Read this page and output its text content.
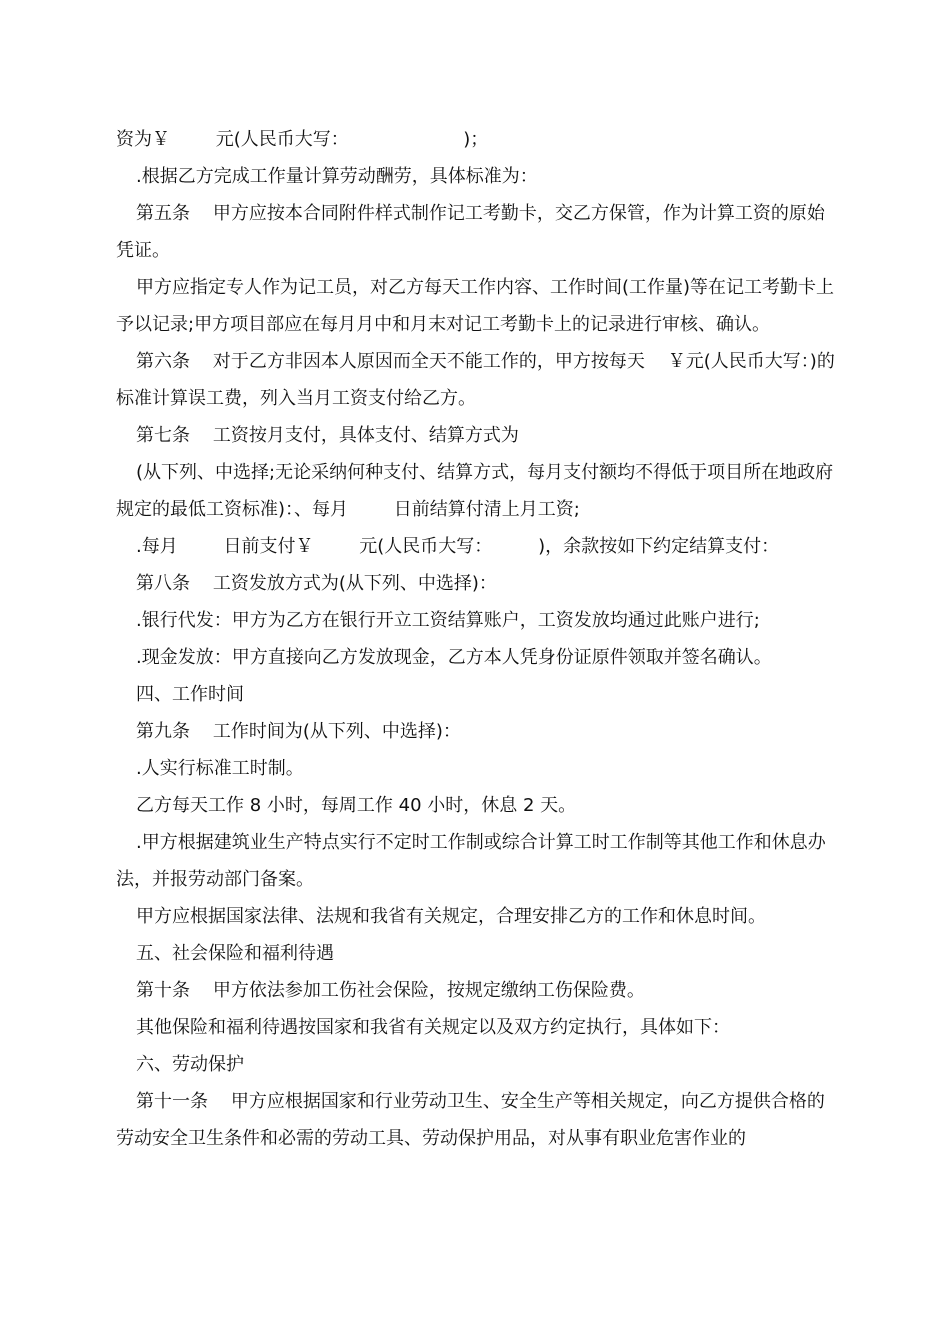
资为￥        元(人民币大写：                    )；

.根据乙方完成工作量计算劳动酬劳，具体标准为：

第五条    甲方应按本合同附件样式制作记工考勤卡，交乙方保管，作为计算工资的原始凭证。

甲方应指定专人作为记工员，对乙方每天工作内容、工作时间(工作量)等在记工考勤卡上予以记录;甲方项目部应在每月月中和月末对记工考勤卡上的记录进行审核、确认。

第六条    对于乙方非因本人原因而全天不能工作的，甲方按每天    ￥元(人民币大写：)的标准计算误工费，列入当月工资支付给乙方。

第七条    工资按月支付，具体支付、结算方式为

(从下列、中选择;无论采纳何种支付、结算方式，每月支付额均不得低于项目所在地政府规定的最低工资标准)：、每月        日前结算付清上月工资;

.每月        日前支付￥        元(人民币大写：        )，余款按如下约定结算支付：

第八条    工资发放方式为(从下列、中选择)：

.银行代发：甲方为乙方在银行开立工资结算账户，工资发放均通过此账户进行;

.现金发放：甲方直接向乙方发放现金，乙方本人凭身份证原件领取并签名确认。

四、工作时间

第九条    工作时间为(从下列、中选择)：

.人实行标准工时制。

乙方每天工作 8 小时，每周工作 40 小时，休息 2 天。

.甲方根据建筑业生产特点实行不定时工作制或综合计算工时工作制等其他工作和休息办法，并报劳动部门备案。

甲方应根据国家法律、法规和我省有关规定，合理安排乙方的工作和休息时间。

五、社会保险和福利待遇

第十条    甲方依法参加工伤社会保险，按规定缴纳工伤保险费。

其他保险和福利待遇按国家和我省有关规定以及双方约定执行，具体如下：

六、劳动保护

第十一条    甲方应根据国家和行业劳动卫生、安全生产等相关规定，向乙方提供合格的劳动安全卫生条件和必需的劳动工具、劳动保护用品，对从事有职业危害作业的
